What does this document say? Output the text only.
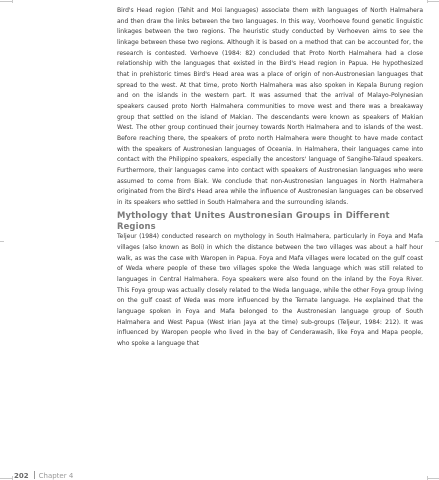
Bird's Head region (Tehit and Moi languages) associate them with languages of North Halmahera and then draw the links between the two languages. In this way, Voorhoeve found genetic linguistic linkages between the two regions. The heuristic study conducted by Verhoeven aims to see the linkage between these two regions. Although it is based on a method that can be accounted for, the research is contested. Verhoeve (1984: 82) concluded that Proto North Halmahera had a close relationship with the languages that existed in the Bird's Head region in Papua. He hypothesized that in prehistoric times Bird's Head area was a place of origin of non-Austronesian languages that spread to the west. At that time, proto North Halmahera was also spoken in Kepala Burung region and on the islands in the western part. It was assumed that the arrival of Malayo-Polynesian speakers caused proto North Halmahera communities to move west and there was a breakaway group that settled on the island of Makian. The descendants were known as speakers of Makian West. The other group continued their journey towards North Halmahera and to islands of the west. Before reaching there, the speakers of proto north Halmahera were thought to have made contact with the speakers of Austronesian languages of Oceania. In Halmahera, their languages came into contact with the Philippino speakers, especially the ancestors' language of Sangihe-Talaud speakers. Furthermore, their languages came into contact with speakers of Austronesian languages who were assumed to come from Biak. We conclude that non-Austronesian languages in North Halmahera originated from the Bird's Head area while the influence of Austronesian languages can be observed in its speakers who settled in South Halmahera and the surrounding islands.

Mythology that Unites Austronesian Groups in Different Regions

Teljeur (1984) conducted research on mythology in South Halmahera, particularly in Foya and Mafa villages (also known as Boli) in which the distance between the two villages was about a half hour walk, as was the case with Waropen in Papua. Foya and Mafa villages were located on the gulf coast of Weda where people of these two villages spoke the Weda language which was still related to languages in Central Halmahera. Foya speakers were also found on the inland by the Foya River. This Foya group was actually closely related to the Weda language, while the other Foya group living on the gulf coast of Weda was more influenced by the Ternate language. He explained that the language spoken in Foya and Mafa belonged to the Austronesian language group of South Halmahera and West Papua (West Irian Jaya at the time) sub-groups (Teljeur, 1984: 212). It was influenced by Waropen people who lived in the bay of Cenderawasih, like Foya and Mapa people, who spoke a language that

202 Chapter 4
